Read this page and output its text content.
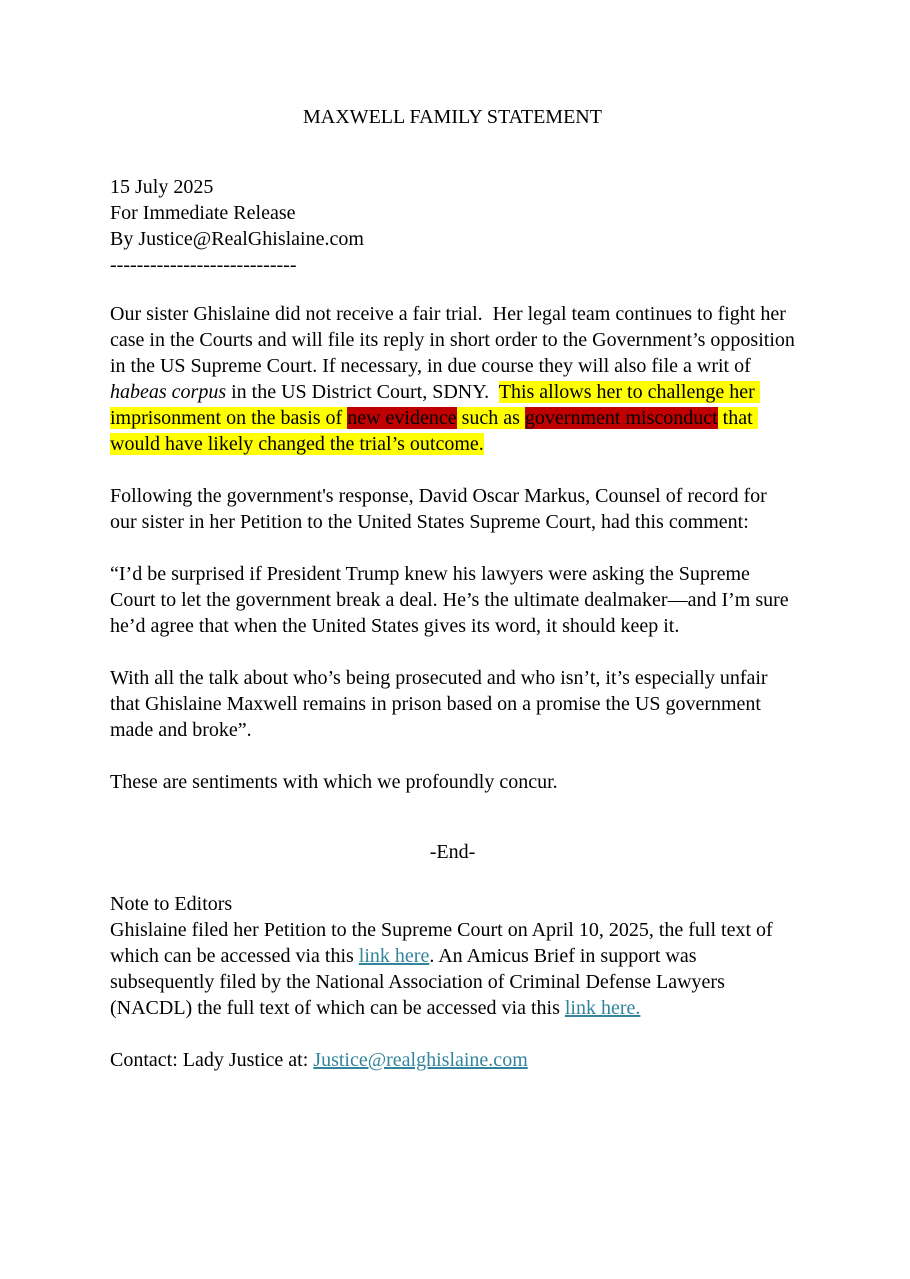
MAXWELL FAMILY STATEMENT

15 July 2025

For Immediate Release

By Justice@RealGhislaine.com

----------------------------

Our sister Ghislaine did not receive a fair trial.  Her legal team continues to fight her case in the Courts and will file its reply in short order to the Government’s opposition in the US Supreme Court. If necessary, in due course they will also file a writ of habeas corpus in the US District Court, SDNY.  This allows her to challenge her imprisonment on the basis of new evidence such as government misconduct that would have likely changed the trial’s outcome.

Following the government's response, David Oscar Markus, Counsel of record for our sister in her Petition to the United States Supreme Court, had this comment:

“I’d be surprised if President Trump knew his lawyers were asking the Supreme Court to let the government break a deal. He’s the ultimate dealmaker—and I’m sure he’d agree that when the United States gives its word, it should keep it.

With all the talk about who’s being prosecuted and who isn’t, it’s especially unfair that Ghislaine Maxwell remains in prison based on a promise the US government made and broke”.

These are sentiments with which we profoundly concur.

-End-

Note to Editors

Ghislaine filed her Petition to the Supreme Court on April 10, 2025, the full text of which can be accessed via this link here. An Amicus Brief in support was subsequently filed by the National Association of Criminal Defense Lawyers (NACDL) the full text of which can be accessed via this link here.

Contact: Lady Justice at: Justice@realghislaine.com
